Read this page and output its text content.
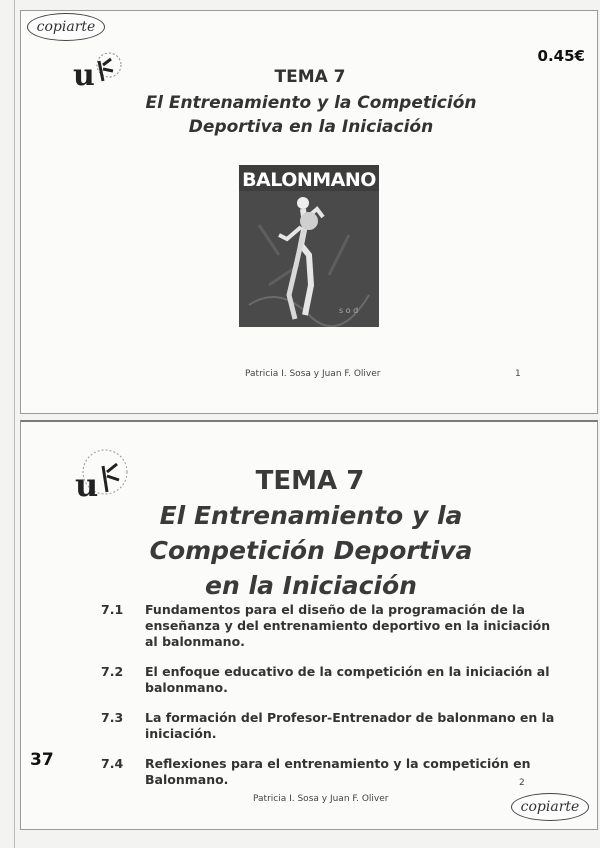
copiarte
0.45€
u	TEMA 7
El Entrenamiento y la Competición Deportiva en la Iniciación
BALONMANO
s o d
Patricia I. Sosa y Juan F. Oliver	1
u	TEMA 7
El Entrenamiento y la
Competición Deportiva
en la Iniciación
7.1	Fundamentos para el diseño de la programación de la enseñanza y del entrenamiento deportivo en la iniciación al balonmano.
7.2	El enfoque educativo de la competición en la iniciación al balonmano.
7.3	La formación del Profesor-Entrenador de balonmano en la iniciación.
7.4	Reflexiones para el entrenamiento y la competición en Balonmano.	2
Patricia I. Sosa y Juan F. Oliver	copiarte
37
